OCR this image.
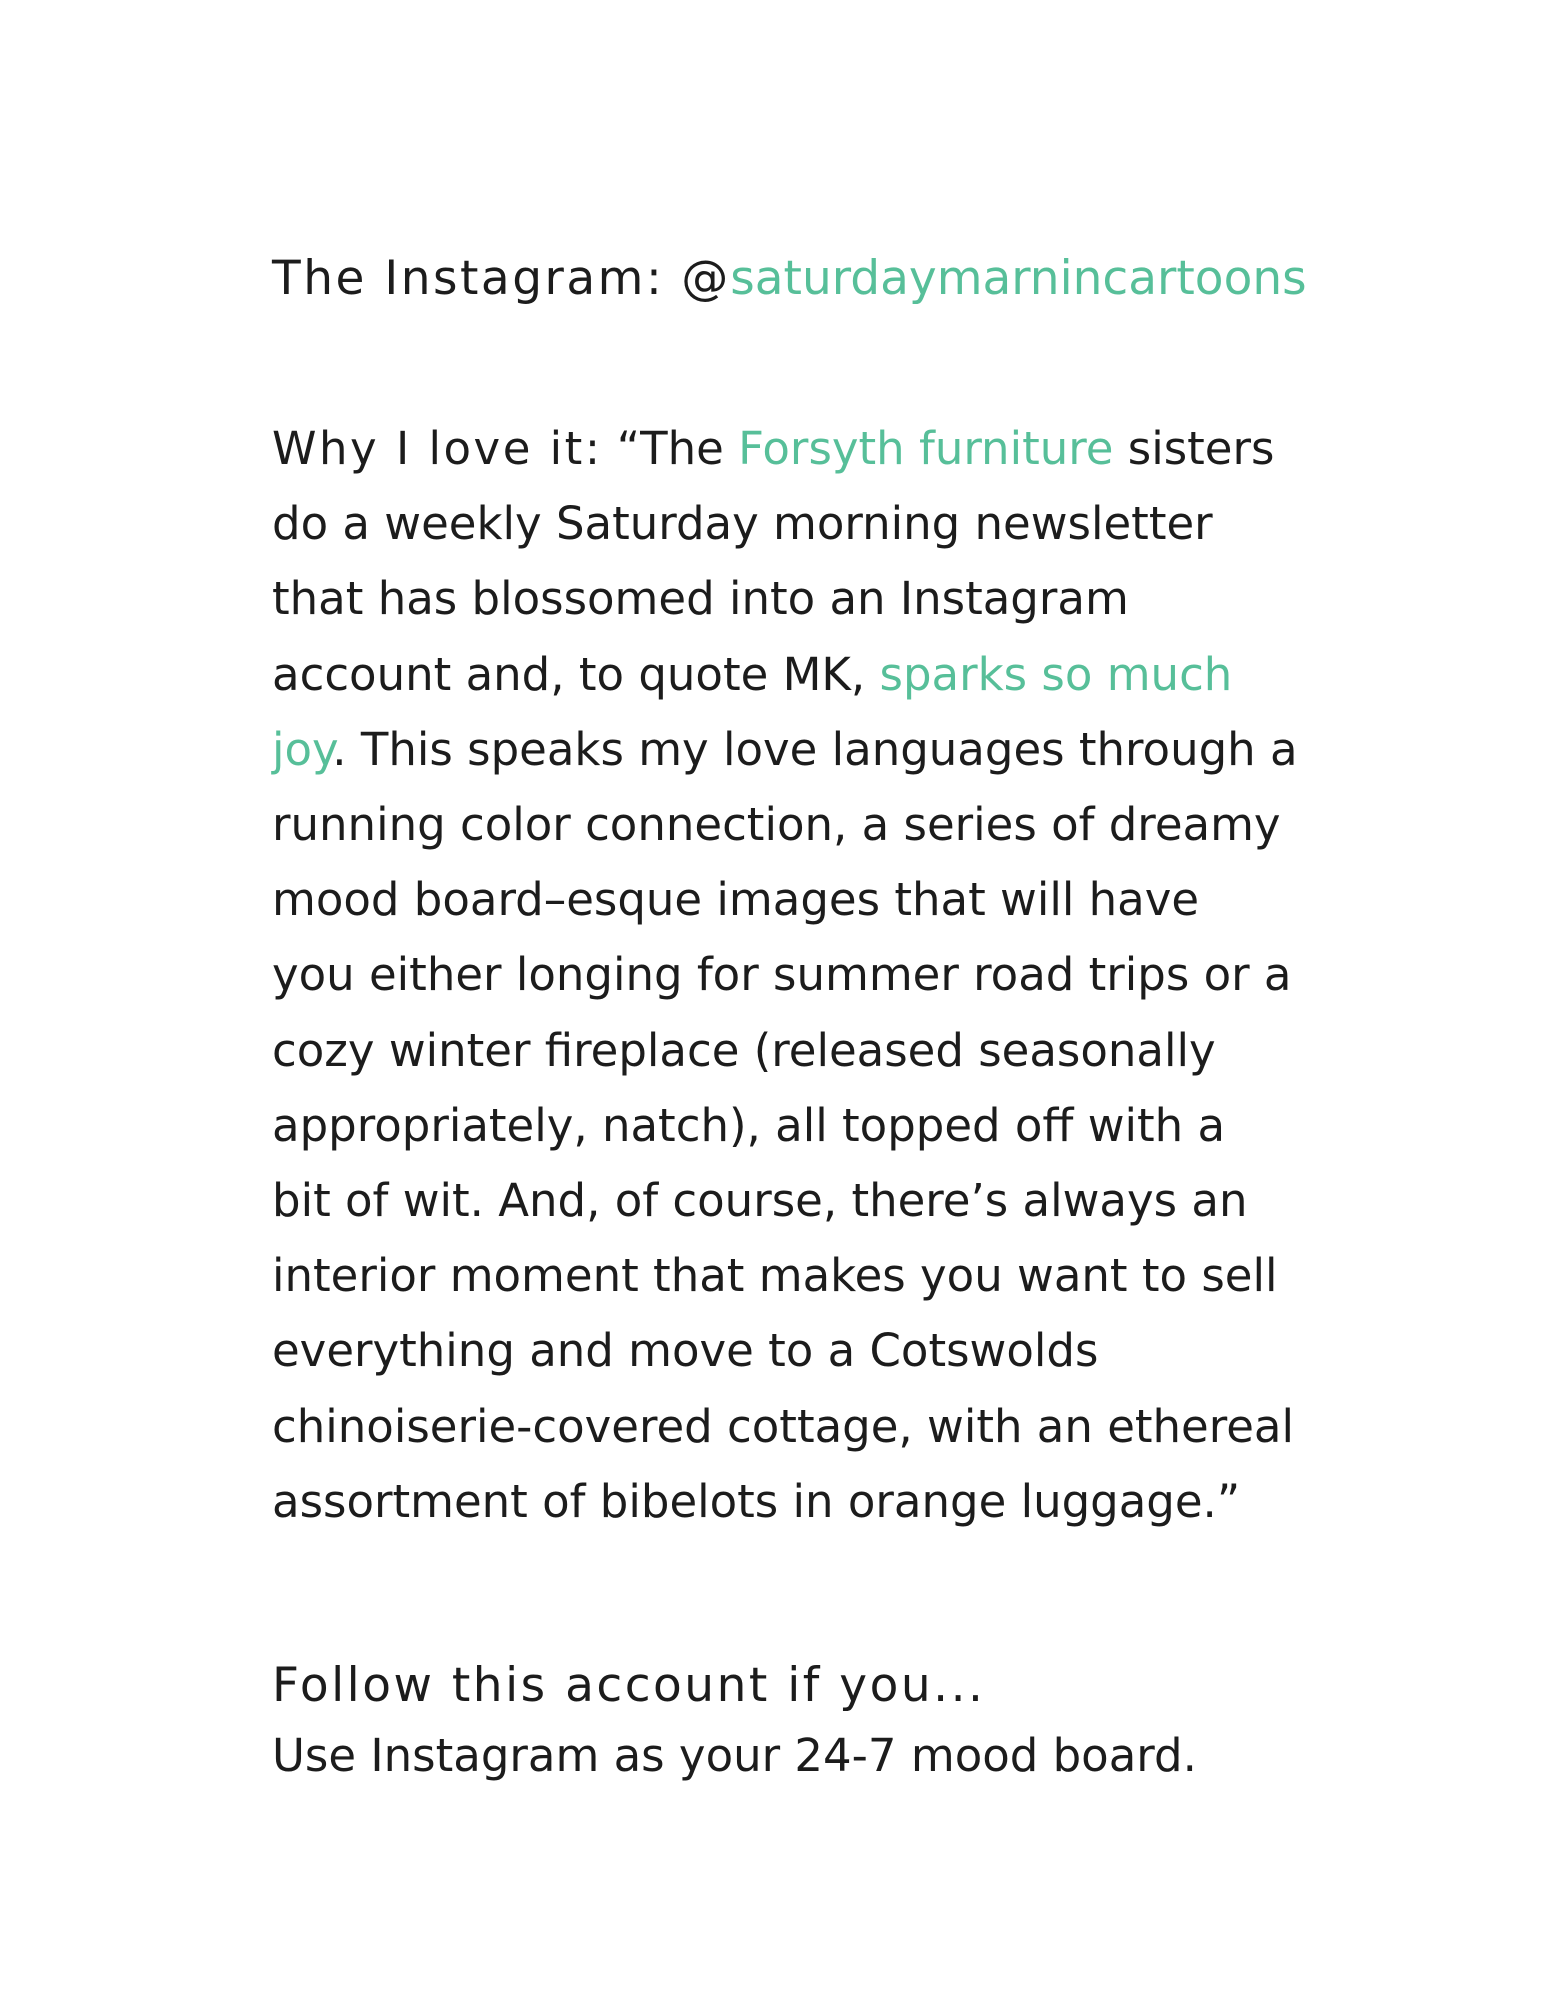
The Instagram: @saturdaymarnincartoons

Why I love it: “The Forsyth furniture sisters
do a weekly Saturday morning newsletter
that has blossomed into an Instagram
account and, to quote MK, sparks so much
joy. This speaks my love languages through a
running color connection, a series of dreamy
mood board–esque images that will have
you either longing for summer road trips or a
cozy winter fireplace (released seasonally
appropriately, natch), all topped off with a
bit of wit. And, of course, there’s always an
interior moment that makes you want to sell
everything and move to a Cotswolds
chinoiserie-covered cottage, with an ethereal
assortment of bibelots in orange luggage.”

Follow this account if you...

Use Instagram as your 24-7 mood board.
